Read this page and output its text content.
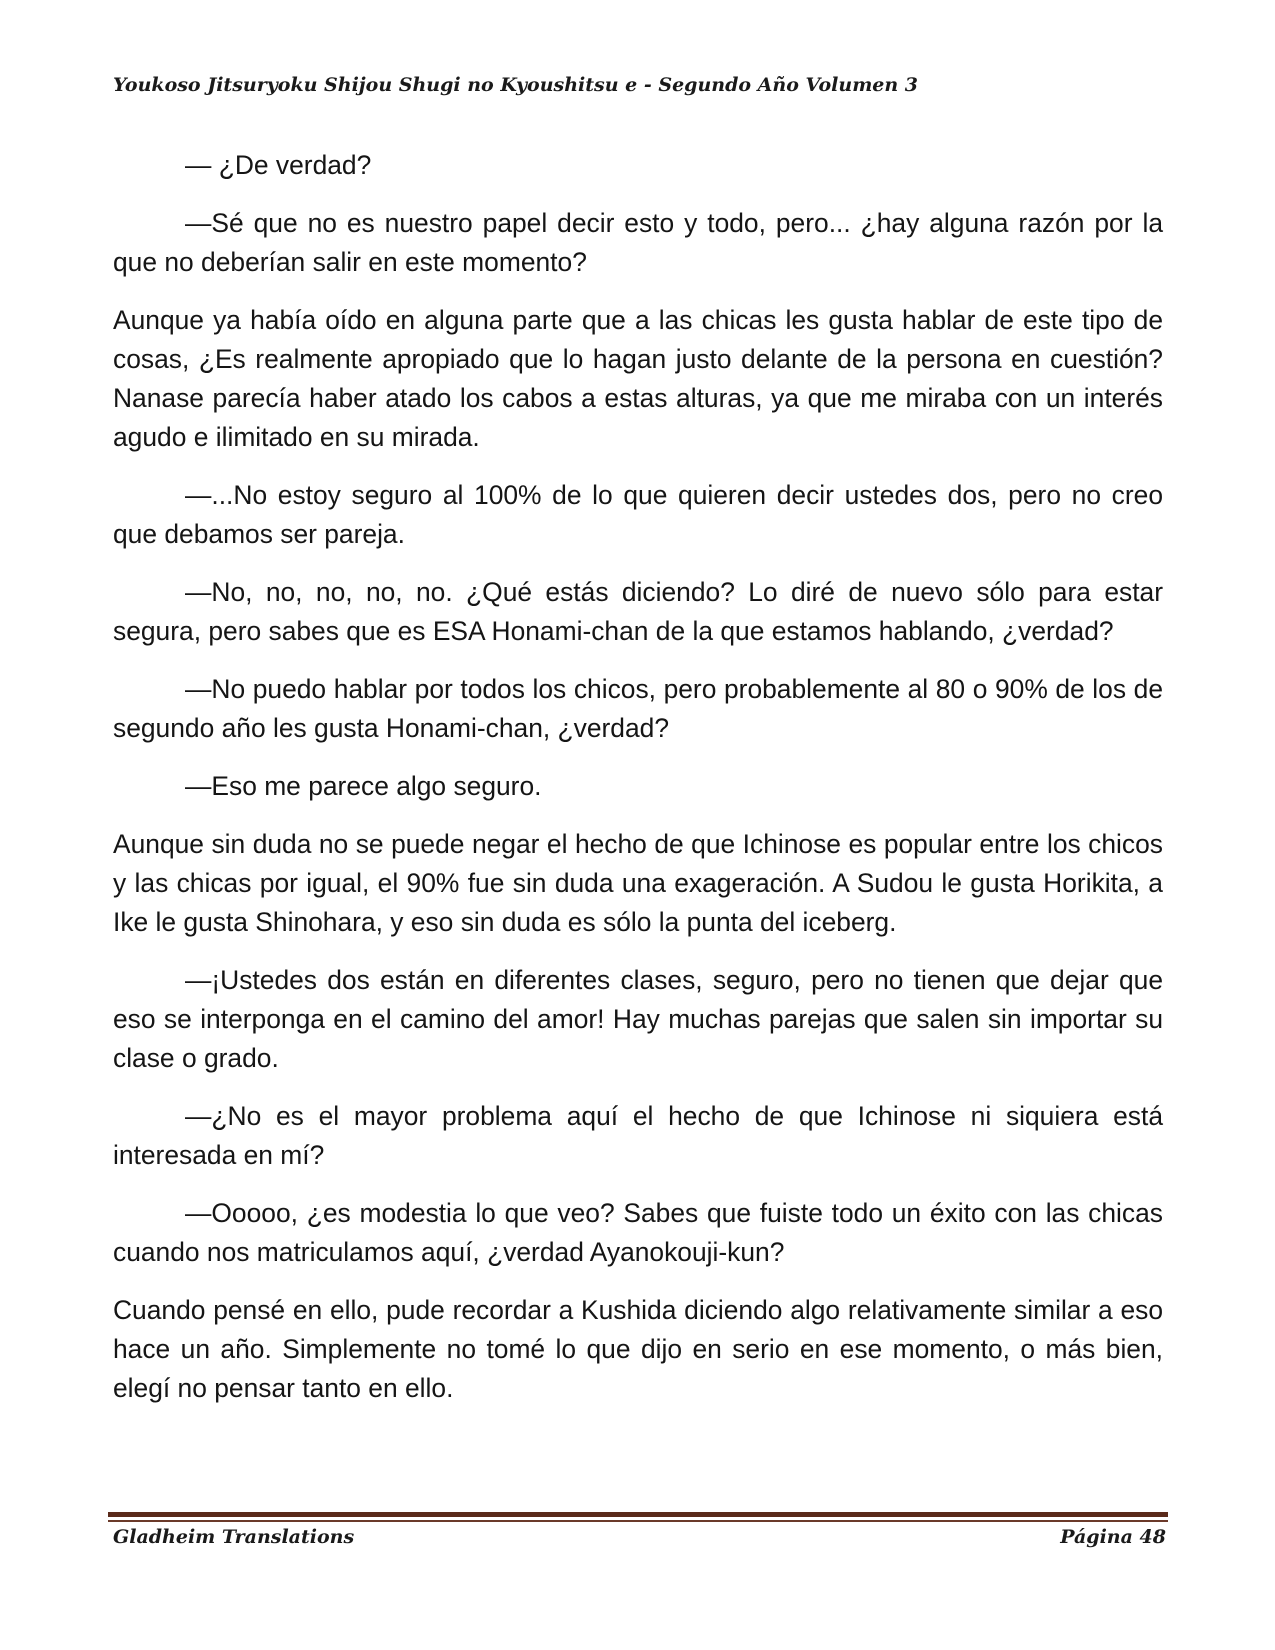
Youkoso Jitsuryoku Shijou Shugi no Kyoushitsu e - Segundo Año Volumen 3

— ¿De verdad?

—Sé que no es nuestro papel decir esto y todo, pero... ¿hay alguna razón por la que no deberían salir en este momento?

Aunque ya había oído en alguna parte que a las chicas les gusta hablar de este tipo de cosas, ¿Es realmente apropiado que lo hagan justo delante de la persona en cuestión? Nanase parecía haber atado los cabos a estas alturas, ya que me miraba con un interés agudo e ilimitado en su mirada.

—...No estoy seguro al 100% de lo que quieren decir ustedes dos, pero no creo que debamos ser pareja.

—No, no, no, no, no. ¿Qué estás diciendo? Lo diré de nuevo sólo para estar segura, pero sabes que es ESA Honami-chan de la que estamos hablando, ¿verdad?

—No puedo hablar por todos los chicos, pero probablemente al 80 o 90% de los de segundo año les gusta Honami-chan, ¿verdad?

—Eso me parece algo seguro.

Aunque sin duda no se puede negar el hecho de que Ichinose es popular entre los chicos y las chicas por igual, el 90% fue sin duda una exageración. A Sudou le gusta Horikita, a Ike le gusta Shinohara, y eso sin duda es sólo la punta del iceberg.

—¡Ustedes dos están en diferentes clases, seguro, pero no tienen que dejar que eso se interponga en el camino del amor! Hay muchas parejas que salen sin importar su clase o grado.

—¿No es el mayor problema aquí el hecho de que Ichinose ni siquiera está interesada en mí?

—Ooooo, ¿es modestia lo que veo? Sabes que fuiste todo un éxito con las chicas cuando nos matriculamos aquí, ¿verdad Ayanokouji-kun?

Cuando pensé en ello, pude recordar a Kushida diciendo algo relativamente similar a eso hace un año. Simplemente no tomé lo que dijo en serio en ese momento, o más bien, elegí no pensar tanto en ello.

Gladheim Translations	Página 48
